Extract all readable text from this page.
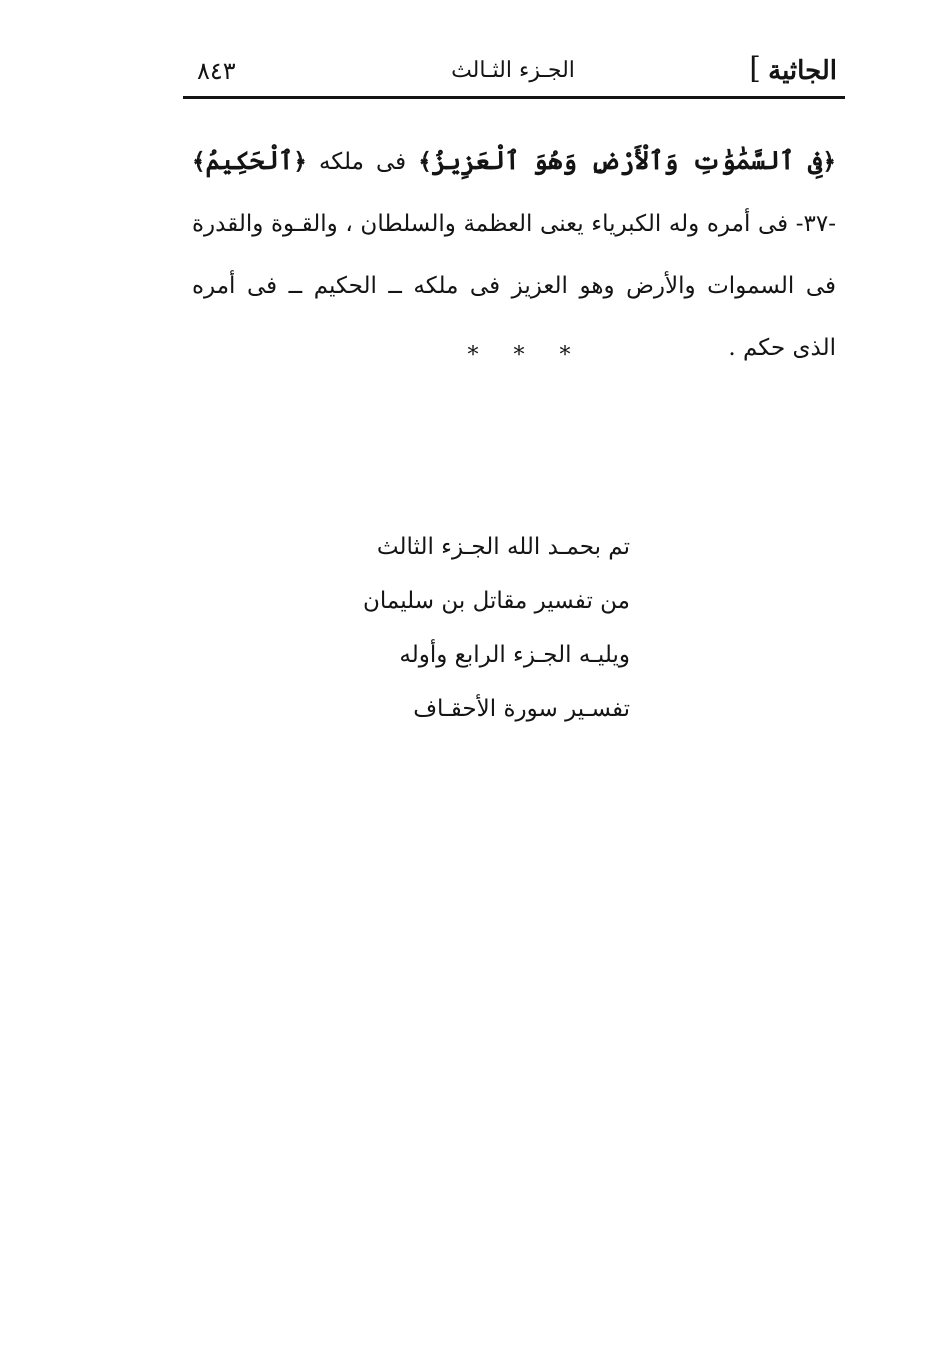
الجاثية
]
الجـزء الثـالث
٨٤٣
﴿فِى ٱلسَّمَٰوَٰتِ وَٱلْأَرْضِ وَهُوَ ٱلْعَزِيزُ﴾ فى ملكه ﴿ٱلْحَكِيمُ﴾ -٣٧- فى أمره وله الكبرياء يعنى العظمة والسلطان ، والقـوة والقدرة فى السموات والأرض وهو العزيز فى ملكه ــ الحكيم ــ فى أمره الذى حكم .
* * *
تم بحمـد الله الجـزء الثالث
من تفسير مقاتل بن سليمان
ويليـه الجـزء الرابع وأوله
تفسـير سورة الأحقـاف
